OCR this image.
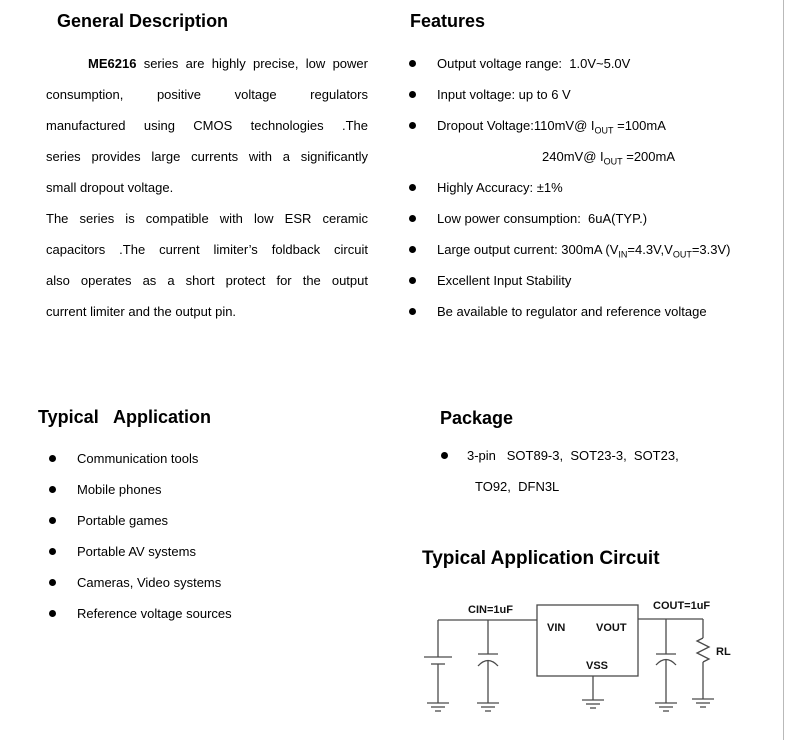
General Description
ME6216 series are highly precise, low power
consumption, positive voltage regulators
manufactured using CMOS technologies .The
series provides large currents with a significantly
small dropout voltage.
The series is compatible with low ESR ceramic
capacitors .The current limiter’s foldback circuit
also operates as a short protect for the output
current limiter and the output pin.
Features
Output voltage range:  1.0V~5.0V
Input voltage: up to 6 V
Dropout Voltage:110mV@ $I_{OUT} =100mA$
240mV@ $I_{OUT} =200mA$
Highly Accuracy: ±1%
Low power consumption:  6uA(TYP.)
Large output current: 300mA $(V_{IN}=4.3V,V_{OUT}=3.3V)$
Excellent Input Stability
Be available to regulator and reference voltage
Typical   Application
Communication tools
Mobile phones
Portable games
Portable AV systems
Cameras, Video systems
Reference voltage sources
Package
3-pin   SOT89-3,  SOT23-3,  SOT23,
TO92,  DFN3L
Typical Application Circuit
CIN=1uF
VIN	VOUT
VSS
COUT=1uF
RL
